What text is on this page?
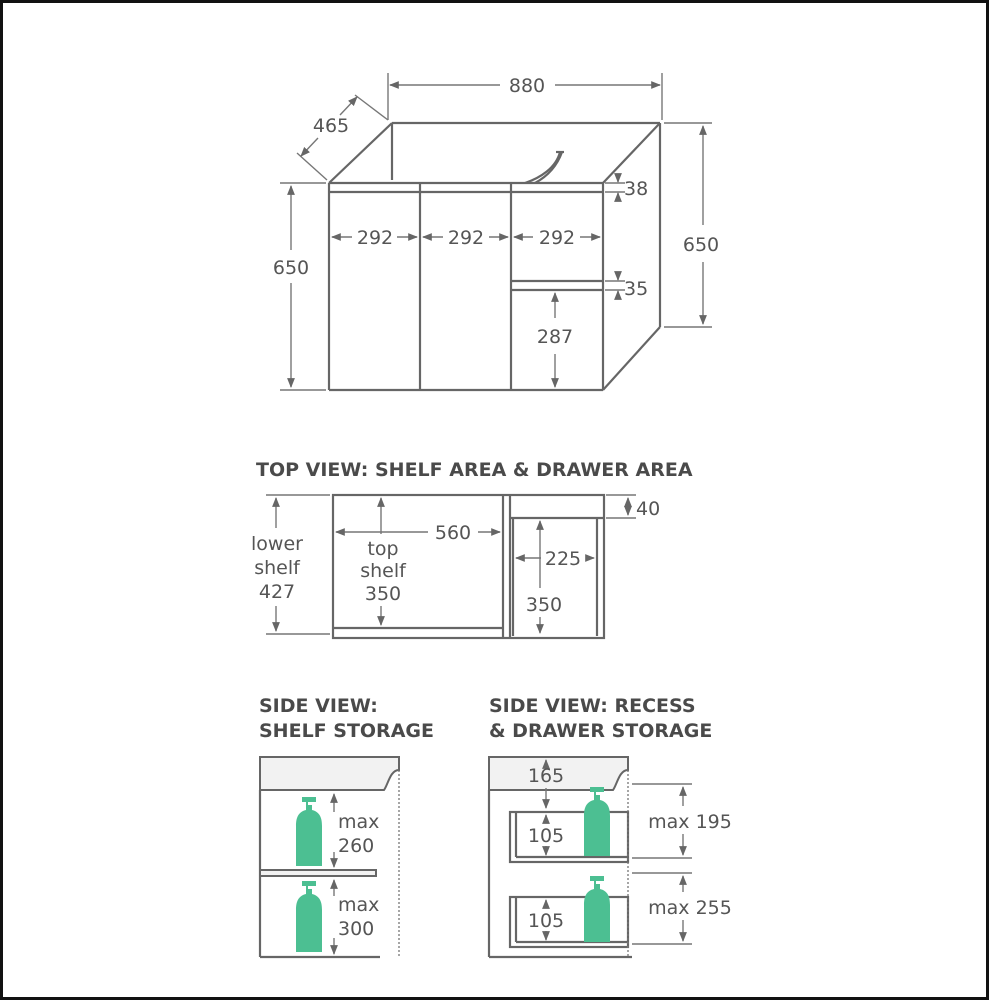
880
465
650
650
38
292	292	292
35
287
TOP VIEW: SHELF AREA & DRAWER AREA
40
560
lower
shelf
427
top
shelf
350
225
350
SIDE VIEW:
SHELF STORAGE
max
260
max
300
SIDE VIEW: RECESS
& DRAWER STORAGE
165
105
105
max 195
max 255
